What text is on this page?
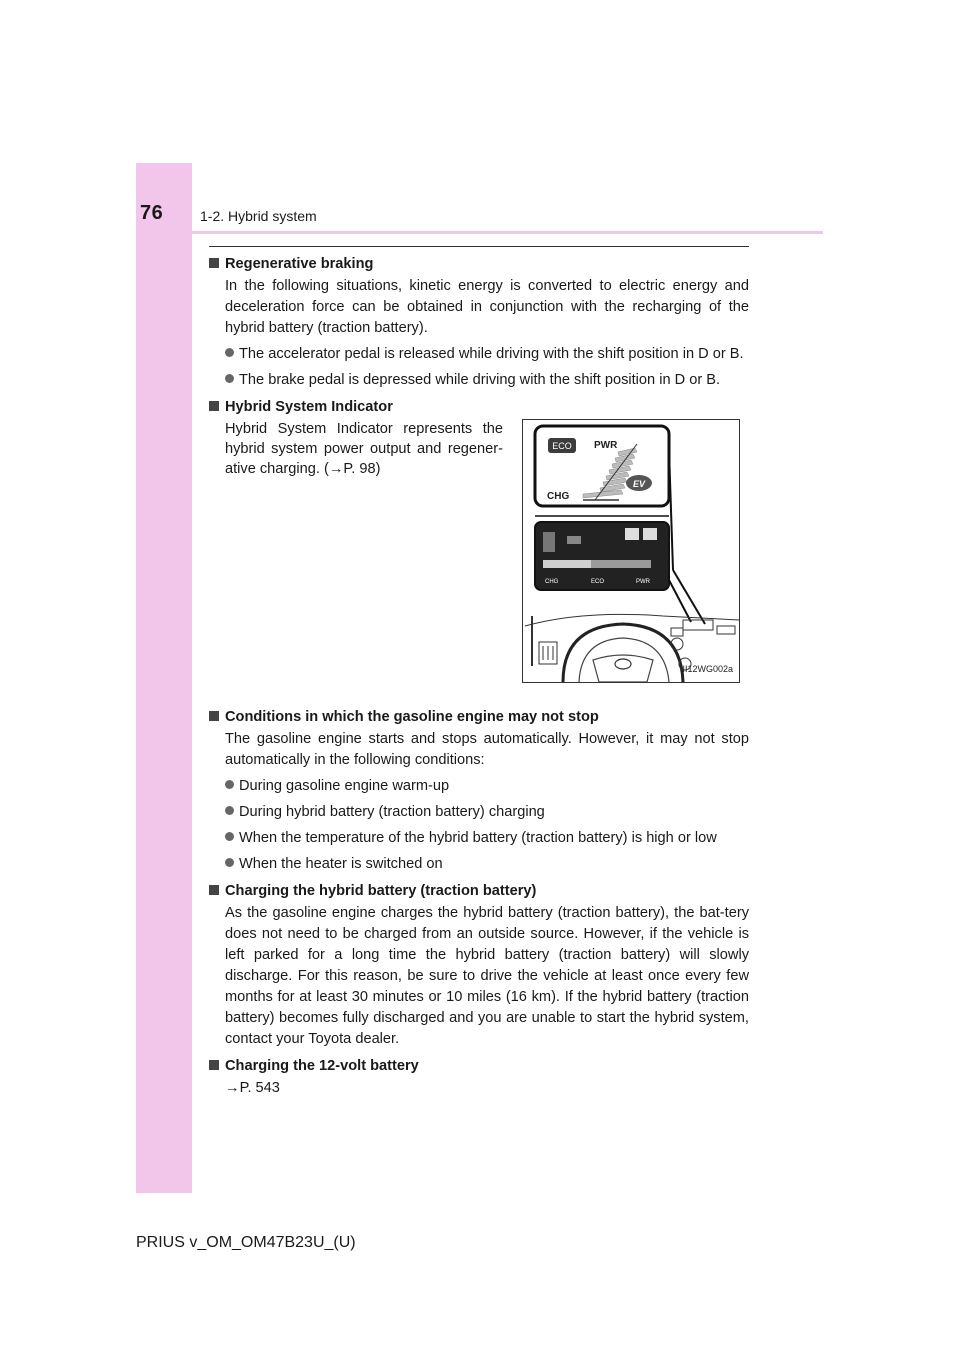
76	1-2. Hybrid system

Regenerative braking

In the following situations, kinetic energy is converted to electric energy and deceleration force can be obtained in conjunction with the recharging of the hybrid battery (traction battery).

The accelerator pedal is released while driving with the shift position in D or B.

The brake pedal is depressed while driving with the shift position in D or B.

Hybrid System Indicator

Hybrid System Indicator represents the hybrid system power output and regener-ative charging. (→P. 98)

ECO PWR
CHG
EV
CHG	ECO	PWR
II12WG002a

Conditions in which the gasoline engine may not stop

The gasoline engine starts and stops automatically. However, it may not stop automatically in the following conditions:

During gasoline engine warm-up

During hybrid battery (traction battery) charging

When the temperature of the hybrid battery (traction battery) is high or low

When the heater is switched on

Charging the hybrid battery (traction battery)

As the gasoline engine charges the hybrid battery (traction battery), the bat-tery does not need to be charged from an outside source. However, if the vehicle is left parked for a long time the hybrid battery (traction battery) will slowly discharge. For this reason, be sure to drive the vehicle at least once every few months for at least 30 minutes or 10 miles (16 km). If the hybrid battery (traction battery) becomes fully discharged and you are unable to start the hybrid system, contact your Toyota dealer.

Charging the 12-volt battery

→P. 543

PRIUS v_OM_OM47B23U_(U)
